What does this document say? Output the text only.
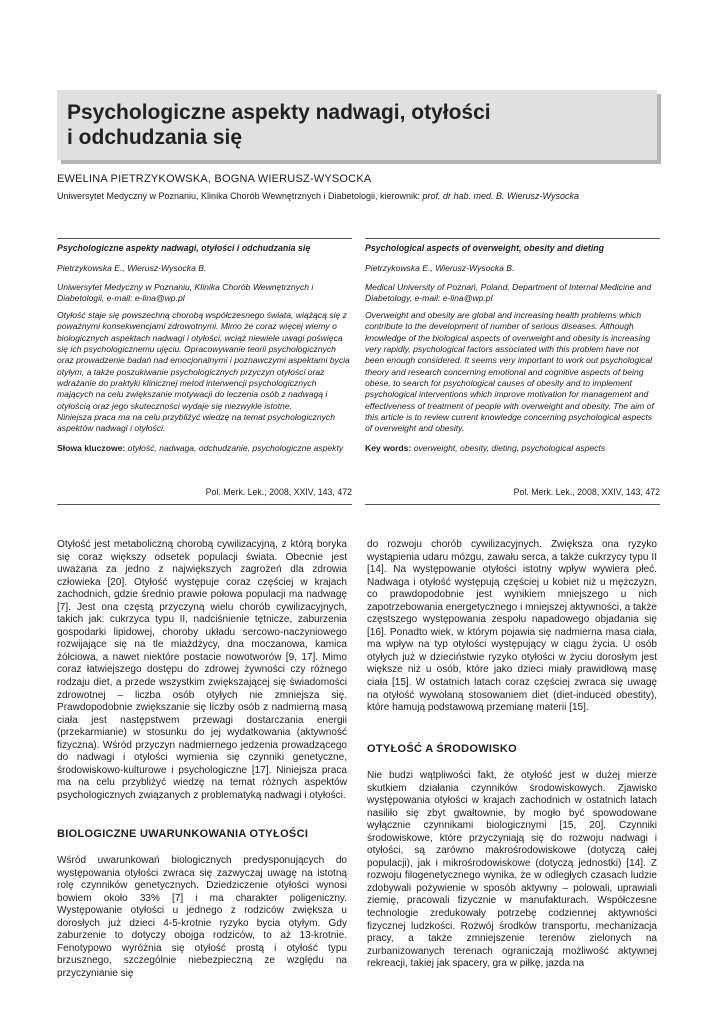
Psychologiczne aspekty nadwagi, otyłości
i odchudzania się
EWELINA PIETRZYKOWSKA, BOGNA WIERUSZ-WYSOCKA
Uniwersytet Medyczny w Poznaniu, Klinika Chorób Wewnętrznych i Diabetologii, kierownik: prof. dr hab. med. B. Wierusz-Wysocka

Psychologiczne aspekty nadwagi, otyłości i odchudzania się

Pietrzykowska E., Wierusz-Wysocka B.

Uniwersytet Medyczny w Poznaniu, Klinika Chorób Wewnętrznych i Diabetologii, e-mail: e-lina@wp.pl

Otyłość staje się powszechną chorobą współczesnego świata, wiążącą się z poważnymi konsekwencjami zdrowotnymi. Mimo że coraz więcej wiemy o biologicznych aspektach nadwagi i otyłości, wciąż niewiele uwagi poświęca się ich psychologicznemu ujęciu. Opracowywanie teorii psychologicznych oraz prowadzenie badań nad emocjonalnymi i poznawczymi aspektami bycia otyłym, a także poszukiwanie psychologicznych przyczyn otyłości oraz wdrażanie do praktyki klinicznej metod interwencji psychologicznych mających na celu zwiększanie motywacji do leczenia osób z nadwagą i otyłością oraz jego skuteczności wydaje się niezwykle istotne.

Niniejsza praca ma na celu przybliżyć wiedzę na temat psychologicznych aspektów nadwagi i otyłości.

Słowa kluczowe: otyłość, nadwaga, odchudzanie, psychologiczne aspekty

Pol. Merk. Lek., 2008, XXIV, 143, 472

Psychological aspects of overweight, obesity and dieting

Pietrzykowska E., Wierusz-Wysocka B.

Medical University of Poznań, Poland, Department of Internal Medicine and Diabetology, e-mail: e-lina@wp.pl

Overweight and obesity are global and increasing health problems which contribute to the development of number of serious diseases. Although knowledge of the biological aspects of overweight and obesity is increasing very rapidly, psychological factors associated with this problem have not been enough considered. It seems very important to work out psychological theory and research concerning emotional and cognitive aspects of being obese, to search for psychological causes of obesity and to implement psychological interventions which improve motivation for management and effectiveness of treatment of people with overweight and obesity. The aim of this article is to review current knowledge concerning psychological aspects of overweight and obesity.

Key words: overweight, obesity, dieting, psychological aspects

Pol. Merk. Lek., 2008, XXIV, 143, 472

Otyłość jest metaboliczną chorobą cywilizacyjną, z którą boryka się coraz większy odsetek populacji świata. Obecnie jest uważana za jedno z największych zagrożeń dla zdrowia człowieka [20]. Otyłość występuje coraz częściej w krajach zachodnich, gdzie średnio prawie połowa populacji ma nadwagę [7]. Jest ona częstą przyczyną wielu chorób cywilizacyjnych, takich jak: cukrzyca typu II, nadciśnienie tętnicze, zaburzenia gospodarki lipidowej, choroby układu sercowo-naczyniowego rozwijające się na tle miażdżycy, dna moczanowa, kamica żółciowa, a nawet niektóre postacie nowotworów [9, 17]. Mimo coraz łatwiejszego dostępu do zdrowej żywności czy różnego rodzaju diet, a przede wszystkim zwiększającej się świadomości zdrowotnej – liczba osób otyłych nie zmniejsza się. Prawdopodobnie zwiększanie się liczby osób z nadmierną masą ciała jest następstwem przewagi dostarczania energii (przekarmianie) w stosunku do jej wydatkowania (aktywność fizyczna). Wśród przyczyn nadmiernego jedzenia prowadzącego do nadwagi i otyłości wymienia się czynniki genetyczne, środowiskowo-kulturowe i psychologiczne [17]. Niniejsza praca ma na celu przybliżyć wiedzę na temat różnych aspektów psychologicznych związanych z problematyką nadwagi i otyłości.

BIOLOGICZNE UWARUNKOWANIA OTYŁOŚCI

Wśród uwarunkowań biologicznych predysponujących do występowania otyłości zwraca się zazwyczaj uwagę na istotną rolę czynników genetycznych. Dziedziczenie otyłości wynosi bowiem około 33% [7] i ma charakter poligeniczny. Występowanie otyłości u jednego z rodziców zwiększa u dorosłych już dzieci 4-5-krotnie ryzyko bycia otyłym. Gdy zaburzenie to dotyczy obojga rodziców, to aż 13-krotnie. Fenotypowo wyróżnia się otyłość prostą i otyłość typu brzusznego, szczególnie niebezpieczną ze względu na przyczynianie się

do rozwoju chorób cywilizacyjnych. Zwiększa ona ryzyko wystąpienia udaru mózgu, zawału serca, a także cukrzycy typu II [14]. Na występowanie otyłości istotny wpływ wywiera płeć. Nadwaga i otyłość występują częściej u kobiet niż u mężczyzn, co prawdopodobnie jest wynikiem mniejszego u nich zapotrzebowania energetycznego i mniejszej aktywności, a także częstszego występowania zespołu napadowego objadania się [16]. Ponadto wiek, w którym pojawia się nadmierna masa ciała, ma wpływ na typ otyłości występujący w ciągu życia. U osób otyłych już w dzieciństwie ryzyko otyłości w życiu dorosłym jest większe niż u osób, które jako dzieci miały prawidłową masę ciała [15]. W ostatnich latach coraz częściej zwraca się uwagę na otyłość wywołaną stosowaniem diet (diet-induced obestity), które hamują podstawową przemianę materii [15].

OTYŁOŚĆ A ŚRODOWISKO

Nie budzi wątpliwości fakt, że otyłość jest w dużej mierze skutkiem działania czynników środowiskowych. Zjawisko występowania otyłości w krajach zachodnich w ostatnich latach nasiliło się zbyt gwałtownie, by mogło być spowodowane wyłącznie czynnikami biologicznymi [15, 20]. Czynniki środowiskowe, które przyczyniają się do rozwoju nadwagi i otyłości, są zarówno makrośrodowiskowe (dotyczą całej populacji), jak i mikrośrodowiskowe (dotyczą jednostki) [14]. Z rozwoju filogenetycznego wynika, że w odległych czasach ludzie zdobywali pożywienie w sposób aktywny – polowali, uprawiali ziemię, pracowali fizycznie w manufakturach. Współczesne technologie zredukowały potrzebę codziennej aktywności fizycznej ludzkości. Rozwój środków transportu, mechanizacja pracy, a także zmniejszenie terenów zielonych na zurbanizowanych terenach ograniczają możliwość aktywnej rekreacji, takiej jak spacery, gra w piłkę, jazda na
